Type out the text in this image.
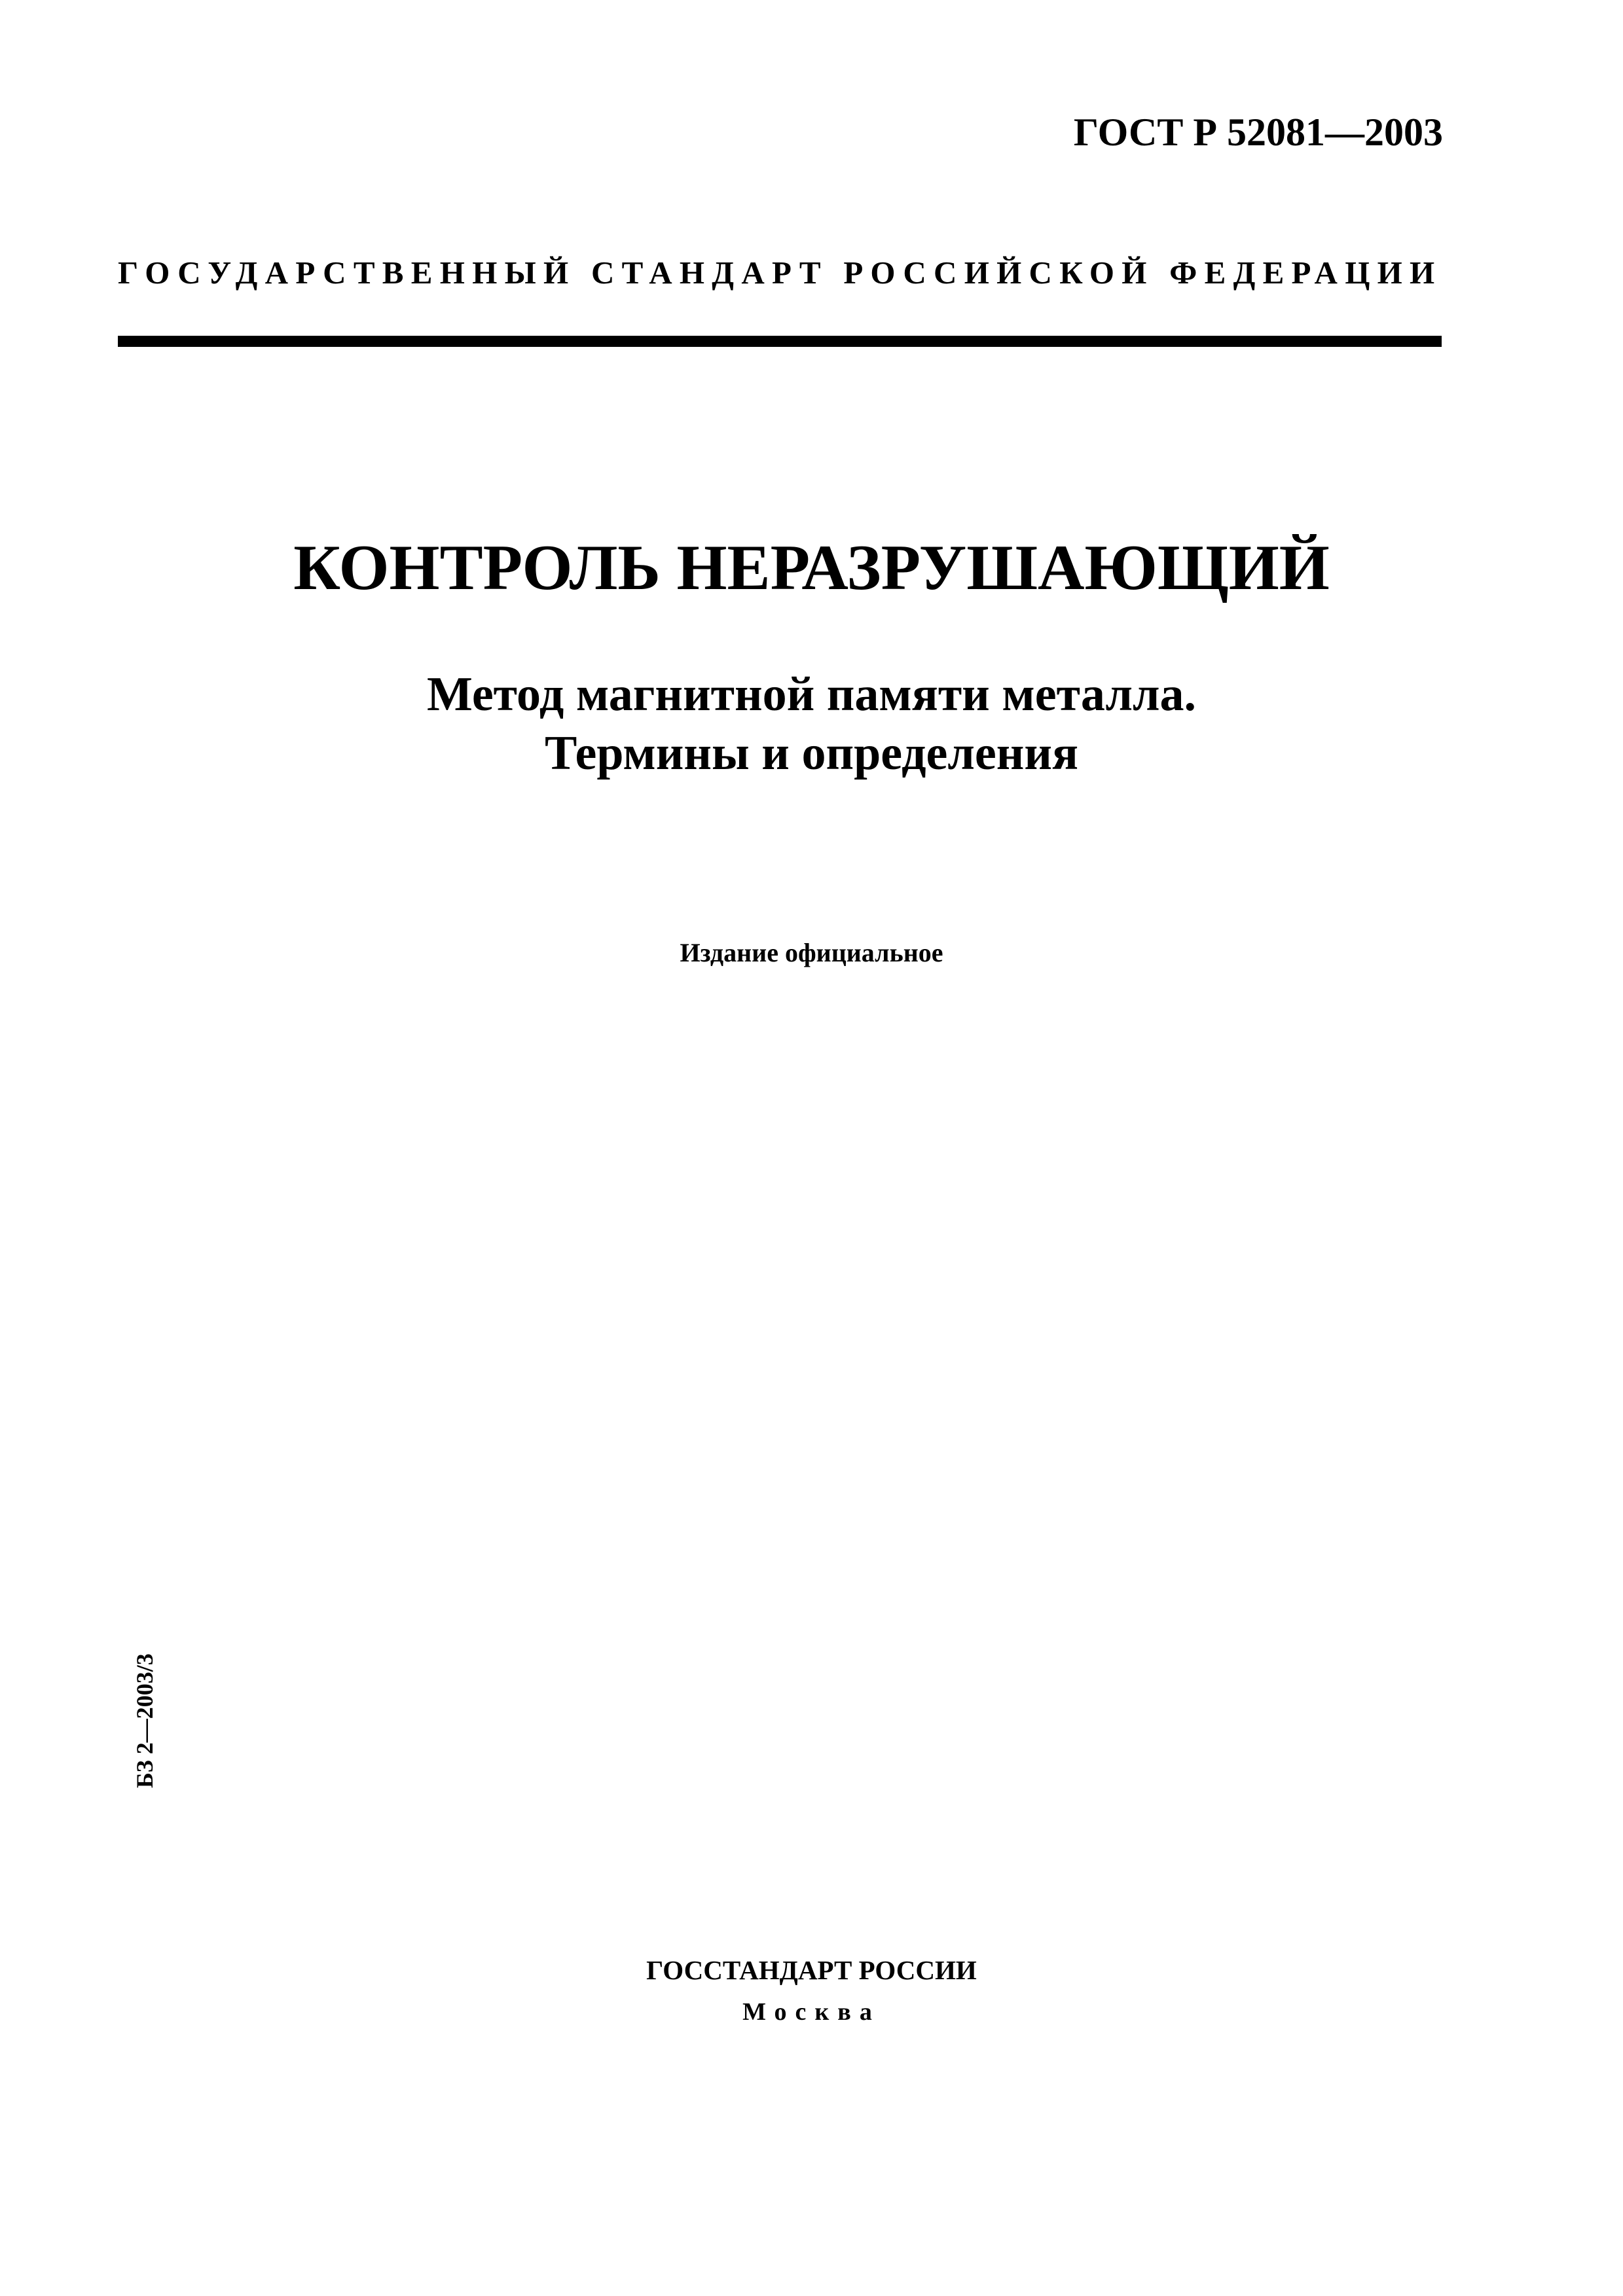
ГОСТ Р 52081—2003
ГОСУДАРСТВЕННЫЙ СТАНДАРТ РОССИЙСКОЙ ФЕДЕРАЦИИ
КОНТРОЛЬ НЕРАЗРУШАЮЩИЙ
Метод магнитной памяти металла.
Термины и определения
Издание официальное
БЗ 2—2003/3
ГОССТАНДАРТ РОССИИ
Москва
